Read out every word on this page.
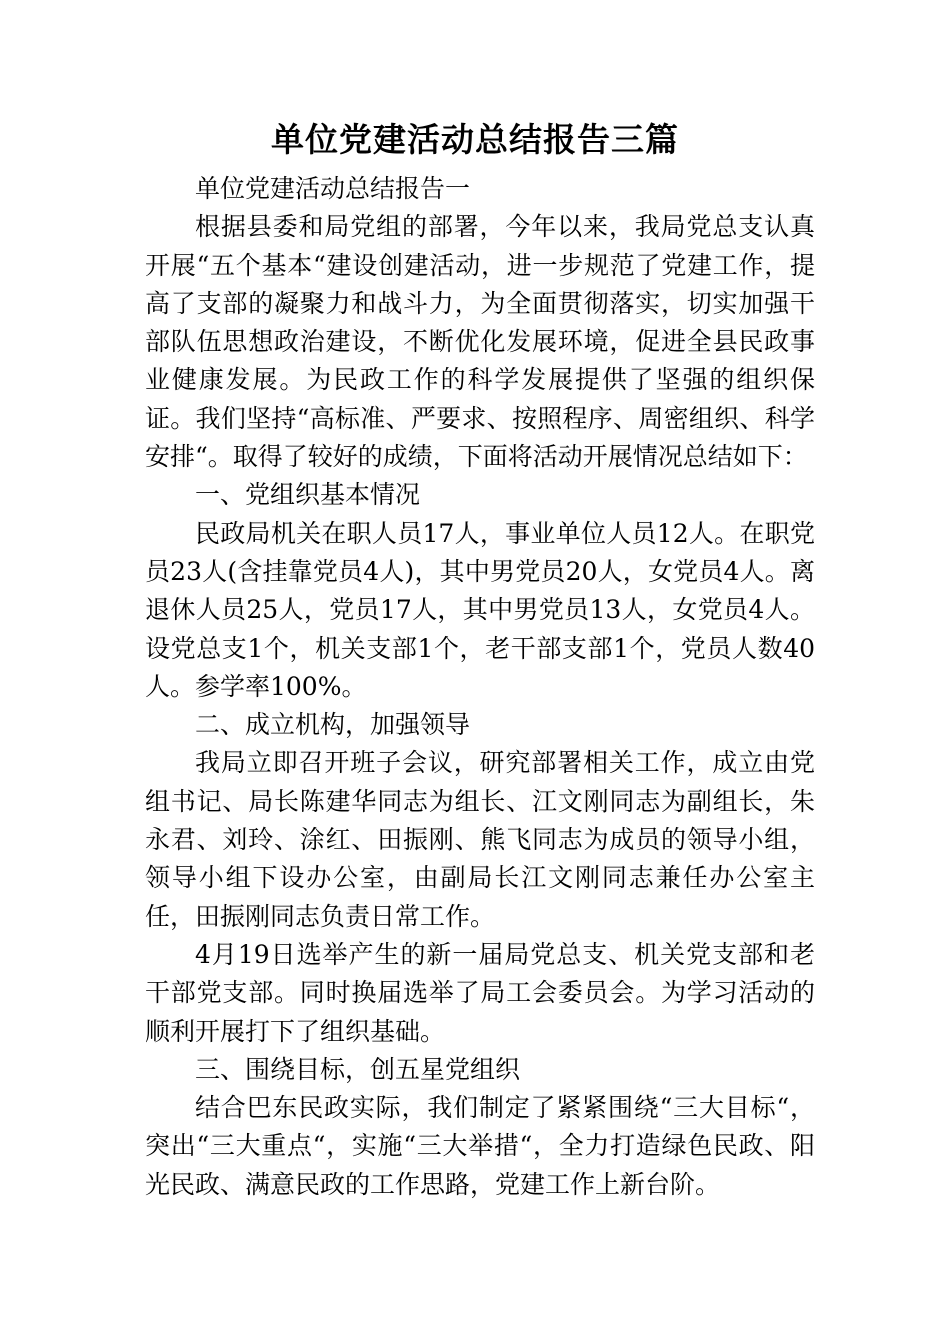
单位党建活动总结报告三篇

单位党建活动总结报告一

根据县委和局党组的部署，今年以来，我局党总支认真开展“五个基本“建设创建活动，进一步规范了党建工作，提高了支部的凝聚力和战斗力，为全面贯彻落实，切实加强干部队伍思想政治建设，不断优化发展环境，促进全县民政事业健康发展。为民政工作的科学发展提供了坚强的组织保证。我们坚持“高标准、严要求、按照程序、周密组织、科学安排“。取得了较好的成绩，下面将活动开展情况总结如下：

一、党组织基本情况

民政局机关在职人员17人，事业单位人员12人。在职党员23人(含挂靠党员4人)，其中男党员20人，女党员4人。离退休人员25人，党员17人，其中男党员13人，女党员4人。设党总支1个，机关支部1个，老干部支部1个，党员人数40人。参学率100%。

二、成立机构，加强领导

我局立即召开班子会议，研究部署相关工作，成立由党组书记、局长陈建华同志为组长、江文刚同志为副组长，朱永君、刘玲、涂红、田振刚、熊飞同志为成员的领导小组，领导小组下设办公室，由副局长江文刚同志兼任办公室主任，田振刚同志负责日常工作。

4月19日选举产生的新一届局党总支、机关党支部和老干部党支部。同时换届选举了局工会委员会。为学习活动的顺利开展打下了组织基础。

三、围绕目标，创五星党组织

结合巴东民政实际，我们制定了紧紧围绕“三大目标“，突出“三大重点“，实施“三大举措“，全力打造绿色民政、阳光民政、满意民政的工作思路，党建工作上新台阶。
